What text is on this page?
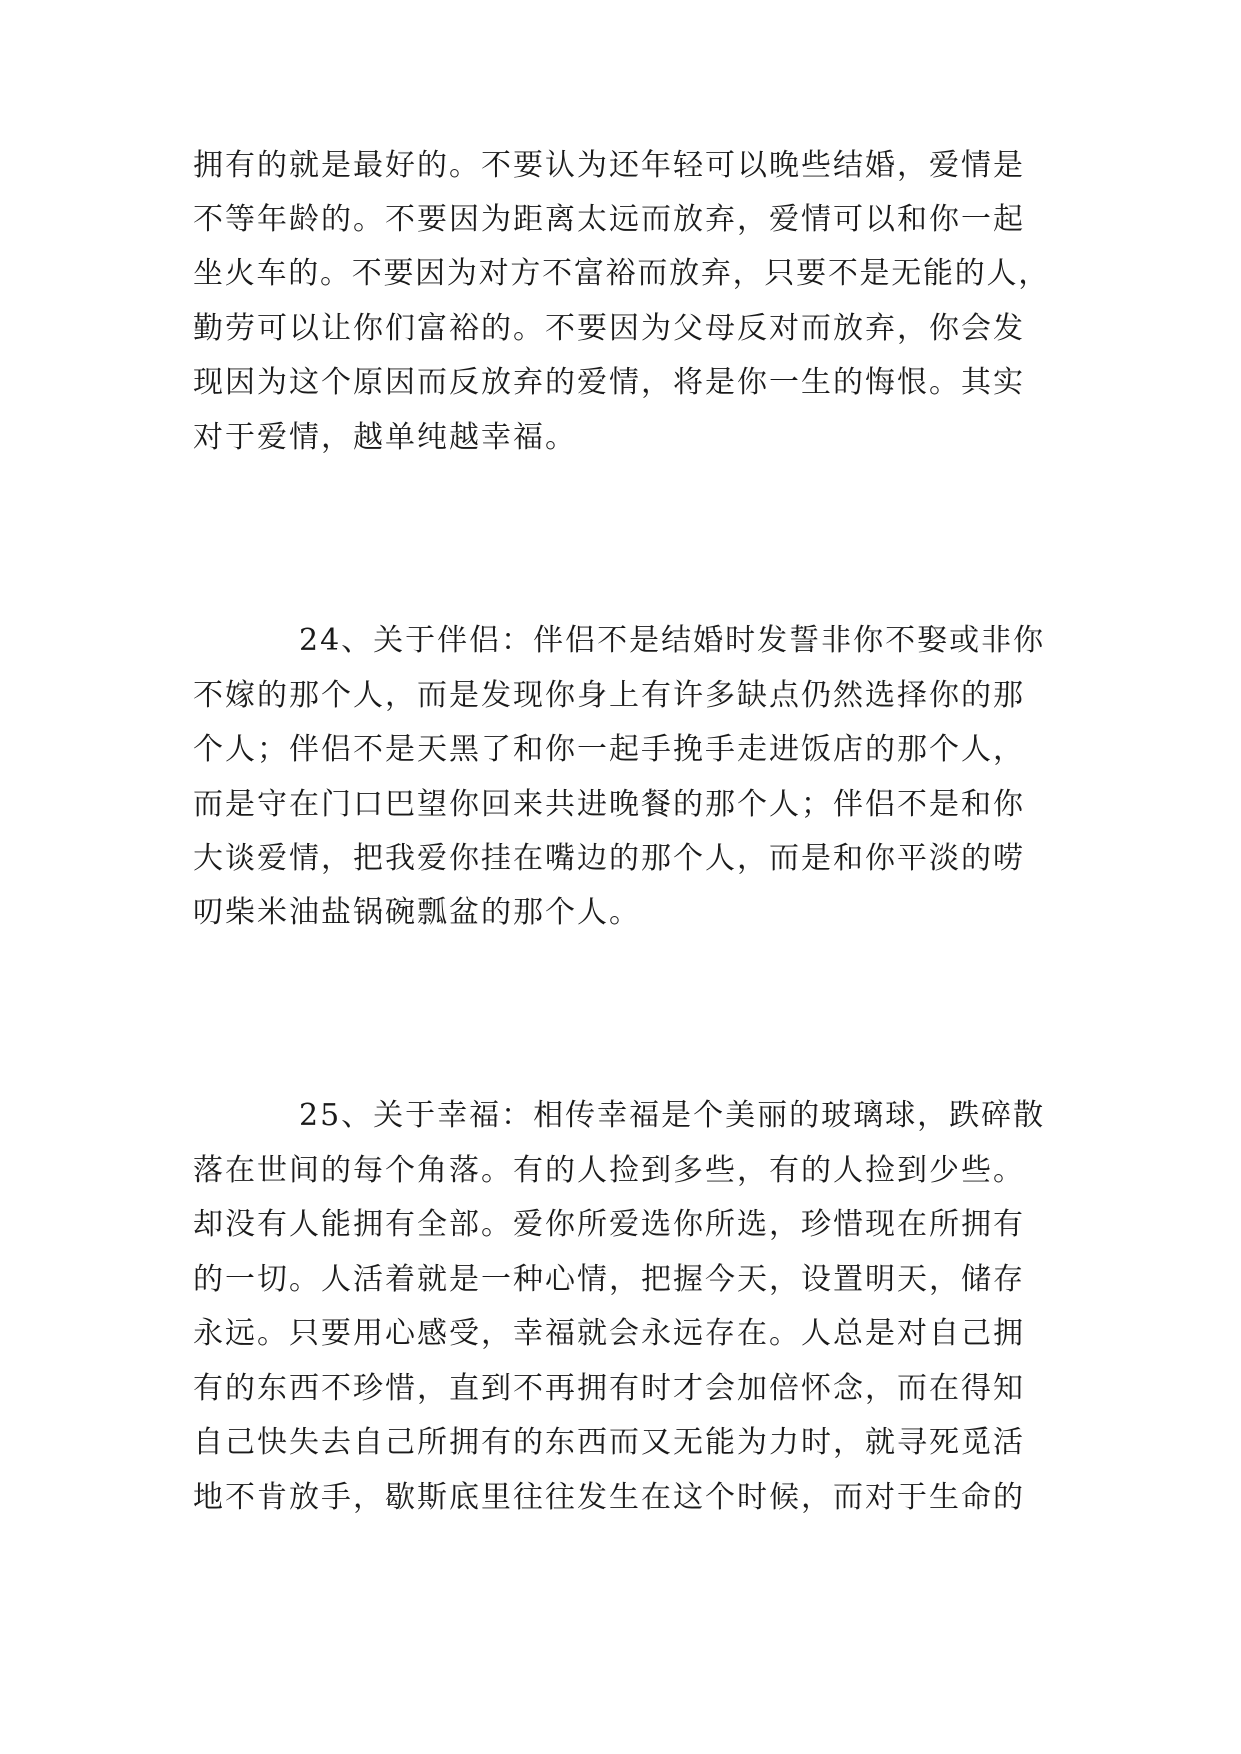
拥有的就是最好的。不要认为还年轻可以晚些结婚，爱情是

不等年龄的。不要因为距离太远而放弃，爱情可以和你一起

坐火车的。不要因为对方不富裕而放弃，只要不是无能的人，

勤劳可以让你们富裕的。不要因为父母反对而放弃，你会发

现因为这个原因而反放弃的爱情，将是你一生的悔恨。其实

对于爱情，越单纯越幸福。

24、关于伴侣：伴侣不是结婚时发誓非你不娶或非你

不嫁的那个人，而是发现你身上有许多缺点仍然选择你的那

个人；伴侣不是天黑了和你一起手挽手走进饭店的那个人，

而是守在门口巴望你回来共进晚餐的那个人；伴侣不是和你

大谈爱情，把我爱你挂在嘴边的那个人，而是和你平淡的唠

叨柴米油盐锅碗瓢盆的那个人。

25、关于幸福：相传幸福是个美丽的玻璃球，跌碎散

落在世间的每个角落。有的人捡到多些，有的人捡到少些。

却没有人能拥有全部。爱你所爱选你所选，珍惜现在所拥有

的一切。人活着就是一种心情，把握今天，设置明天，储存

永远。只要用心感受，幸福就会永远存在。人总是对自己拥

有的东西不珍惜，直到不再拥有时才会加倍怀念，而在得知

自己快失去自己所拥有的东西而又无能为力时，就寻死觅活

地不肯放手，歇斯底里往往发生在这个时候，而对于生命的
